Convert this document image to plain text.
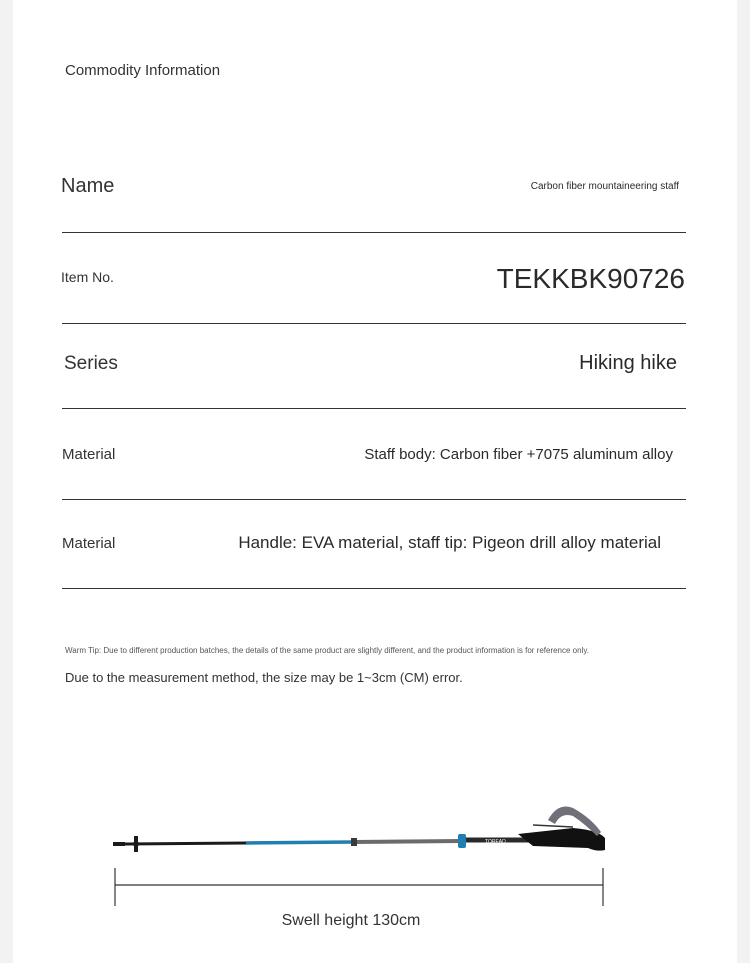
Commodity Information
Name	Carbon fiber mountaineering staff
Item No.	TEKKBK90726
Series	Hiking hike
Material	Staff body: Carbon fiber +7075 aluminum alloy
Material	Handle: EVA material, staff tip: Pigeon drill alloy material
Warm Tip: Due to different production batches, the details of the same product are slightly different, and the product information is for reference only.
Due to the measurement method, the size may be 1~3cm (CM) error.
TOREAD
Swell height 130cm
